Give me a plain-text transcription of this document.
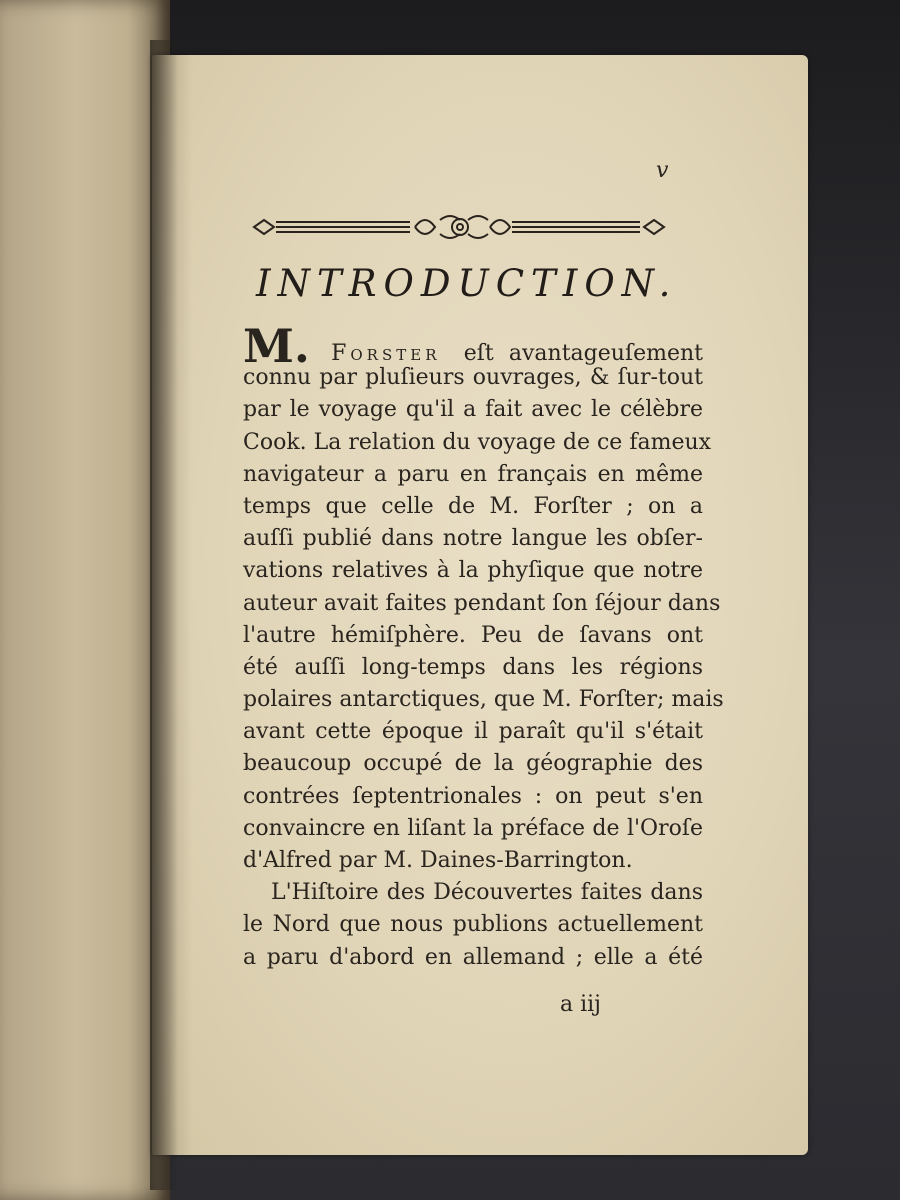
v
INTRODUCTION.
M. Forster eſt avantageuſement
connu par pluſieurs ouvrages, & ſur-tout
par le voyage qu'il a fait avec le célèbre
Cook. La relation du voyage de ce fameux
navigateur a paru en français en même
temps que celle de M. Forſter ; on a
auſſi publié dans notre langue les obſer-
vations relatives à la phyſique que notre
auteur avait faites pendant ſon ſéjour dans
l'autre hémiſphère. Peu de ſavans ont
été auſſi long-temps dans les régions
polaires antarctiques, que M. Forſter; mais
avant cette époque il paraît qu'il s'était
beaucoup occupé de la géographie des
contrées ſeptentrionales : on peut s'en
convaincre en liſant la préface de l'Oroſe
d'Alfred par M. Daines-Barrington.
L'Hiſtoire des Découvertes faites dans
le Nord que nous publions actuellement
a paru d'abord en allemand ; elle a été
a iij
